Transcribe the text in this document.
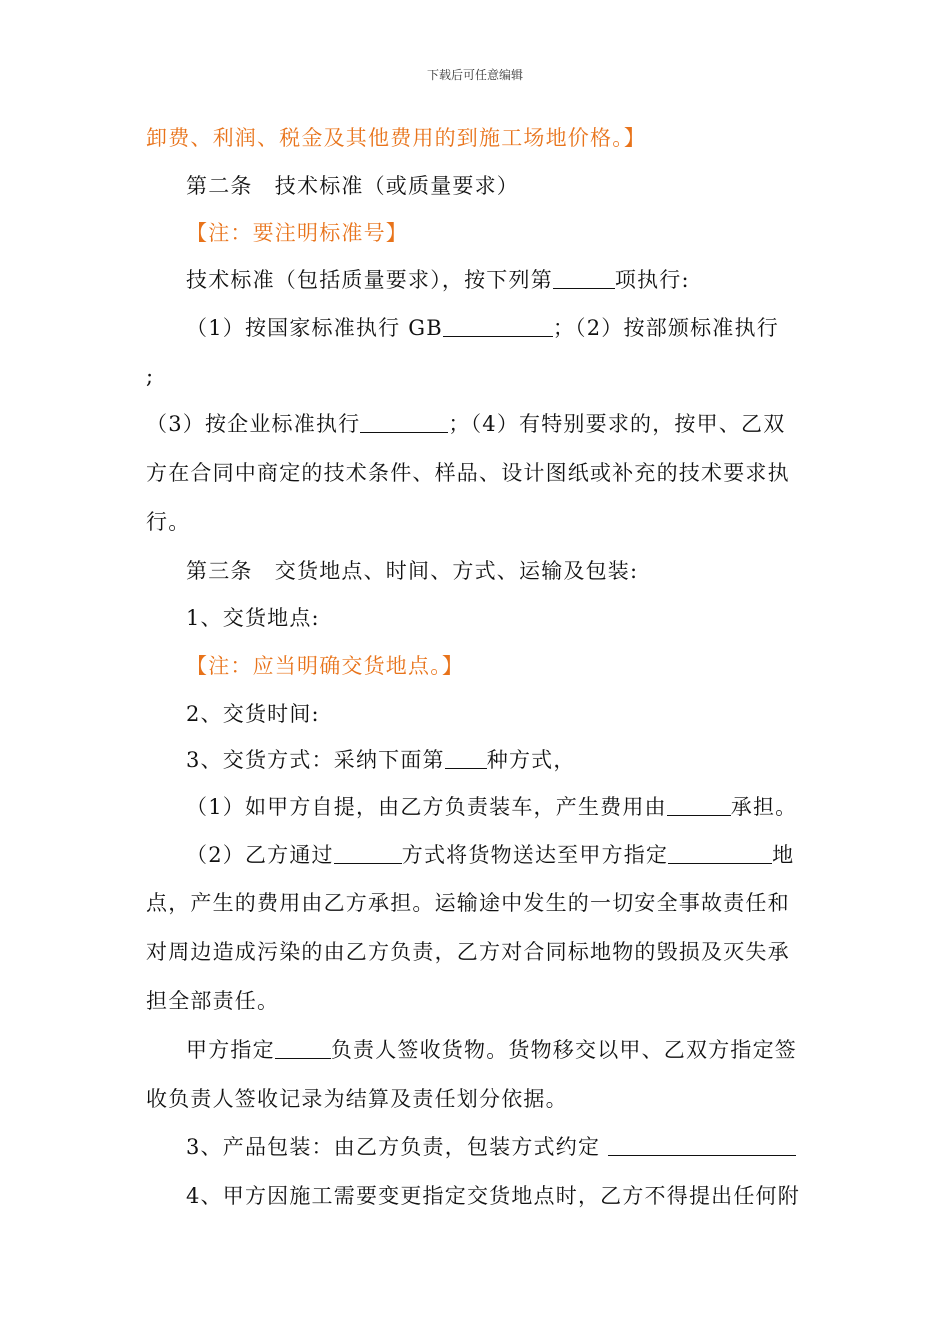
下载后可任意编辑
卸费、利润、税金及其他费用的到施工场地价格。】
第二条　技术标准（或质量要求）
【注：要注明标准号】
技术标准（包括质量要求），按下列第	项执行:
（1）按国家标准执行 GB	；（2）按部颁标准执行
;
（3）按企业标准执行	；（4）有特别要求的，按甲、乙双
方在合同中商定的技术条件、样品、设计图纸或补充的技术要求执
行。
第三条　交货地点、时间、方式、运输及包装:
1、交货地点:
【注：应当明确交货地点。】
2、交货时间:
3、交货方式：采纳下面第 种方式，
（1）如甲方自提，由乙方负责装车，产生费用由	承担。
（2）乙方通过	方式将货物送达至甲方指定	地
点，产生的费用由乙方承担。运输途中发生的一切安全事故责任和
对周边造成污染的由乙方负责，乙方对合同标地物的毁损及灭失承
担全部责任。
甲方指定	负责人签收货物。货物移交以甲、乙双方指定签
收负责人签收记录为结算及责任划分依据。
3、产品包装：由乙方负责，包装方式约定
4、甲方因施工需要变更指定交货地点时，乙方不得提出任何附
